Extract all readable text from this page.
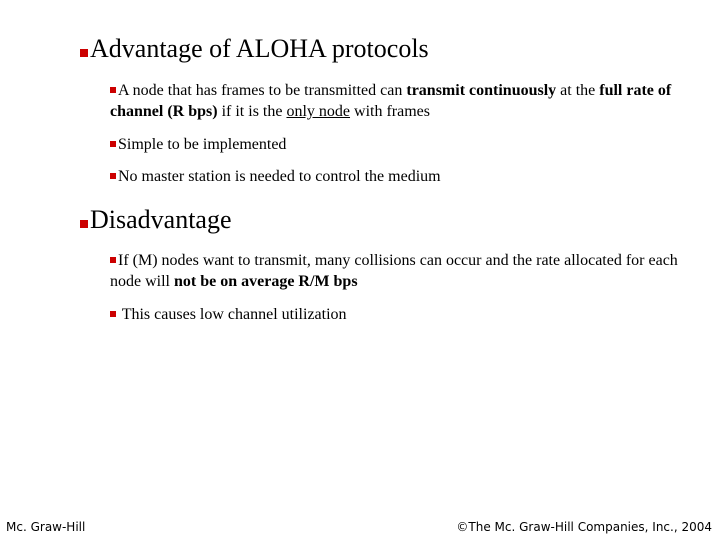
Advantage of ALOHA protocols
A node that has frames to be transmitted can transmit continuously at the full rate of channel (R bps) if it is the only node with frames
Simple to be implemented
No master station is needed to control the medium
Disadvantage
If (M) nodes want to transmit, many collisions can occur and the rate allocated for each node will not be on average R/M bps
This causes low channel utilization
Mc. Graw-Hill	©The Mc. Graw-Hill Companies, Inc., 2004
